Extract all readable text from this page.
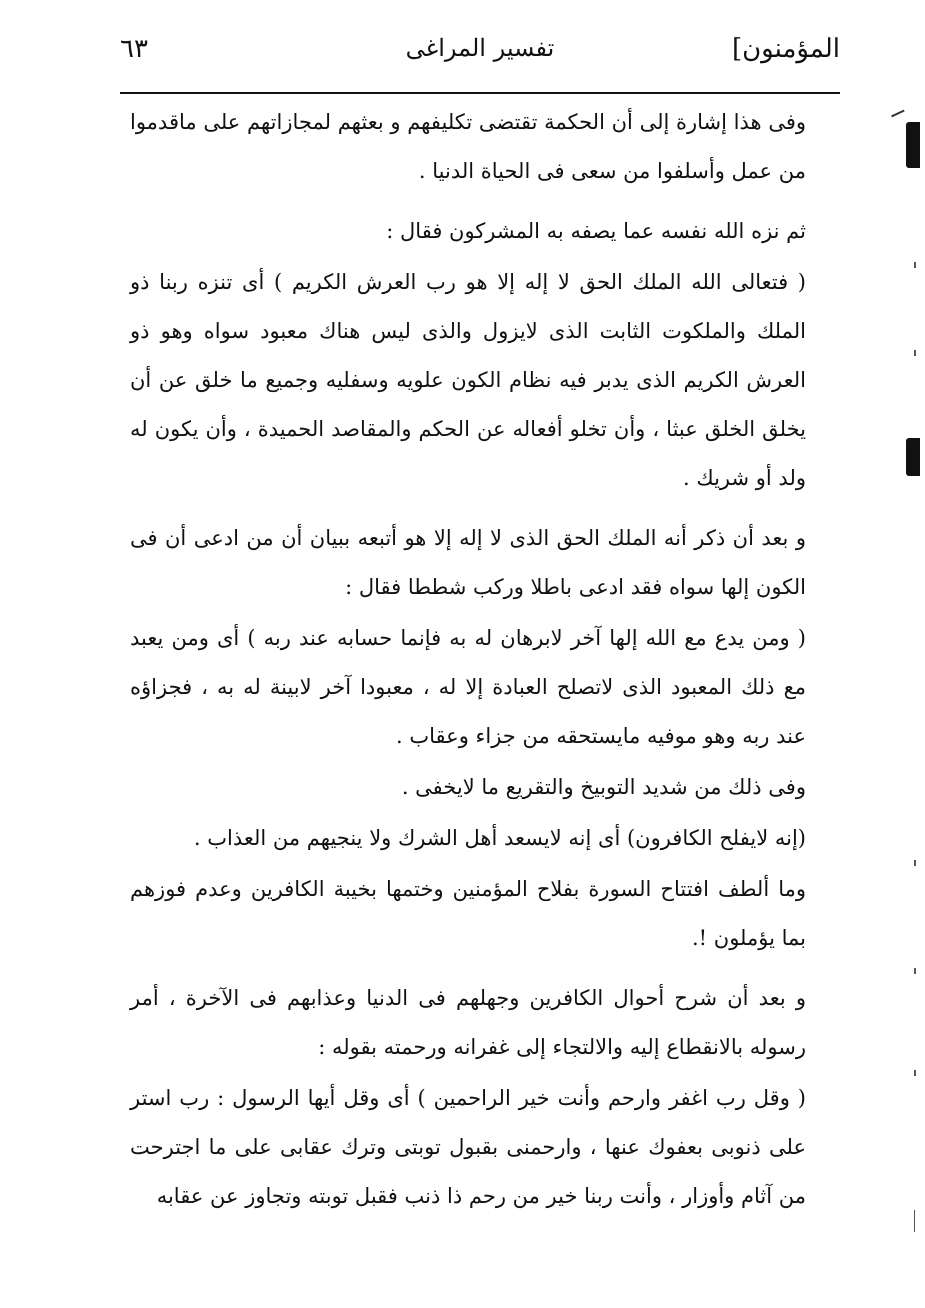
المؤمنون]
تفسير المراغى
٦٣

وفى هذا إشارة إلى أن الحكمة تقتضى تكليفهم و بعثهم لمجازاتهم على ماقدموا من عمل وأسلفوا من سعى فى الحياة الدنيا .

ثم نزه الله نفسه عما يصفه به المشركون فقال :

( فتعالى الله الملك الحق لا إله إلا هو رب العرش الكريم ) أى تنزه ربنا ذو الملك والملكوت الثابت الذى لايزول والذى ليس هناك معبود سواه وهو ذو العرش الكريم الذى يدبر فيه نظام الكون علويه وسفليه وجميع ما خلق عن أن يخلق الخلق عبثا ، وأن تخلو أفعاله عن الحكم والمقاصد الحميدة ، وأن يكون له ولد أو شريك .

و بعد أن ذكر أنه الملك الحق الذى لا إله إلا هو أتبعه ببيان أن من ادعى أن فى الكون إلها سواه فقد ادعى باطلا وركب شططا فقال :

( ومن يدع مع الله إلها آخر لابرهان له به فإنما حسابه عند ربه ) أى ومن يعبد مع ذلك المعبود الذى لاتصلح العبادة إلا له ، معبودا آخر لابينة له به ، فجزاؤه عند ربه وهو موفيه مايستحقه من جزاء وعقاب .

وفى ذلك من شديد التوبيخ والتقريع ما لايخفى .

(إنه لايفلح الكافرون) أى إنه لايسعد أهل الشرك ولا ينجيهم من العذاب .

وما ألطف افتتاح السورة بفلاح المؤمنين وختمها بخيبة الكافرين وعدم فوزهم بما يؤملون !.

و بعد أن شرح أحوال الكافرين وجهلهم فى الدنيا وعذابهم فى الآخرة ، أمر رسوله بالانقطاع إليه والالتجاء إلى غفرانه ورحمته بقوله :

( وقل رب اغفر وارحم وأنت خير الراحمين ) أى وقل أيها الرسول : رب استر على ذنوبى بعفوك عنها ، وارحمنى بقبول توبتى وترك عقابى على ما اجترحت من آثام وأوزار ، وأنت ربنا خير من رحم ذا ذنب فقبل توبته وتجاوز عن عقابه
